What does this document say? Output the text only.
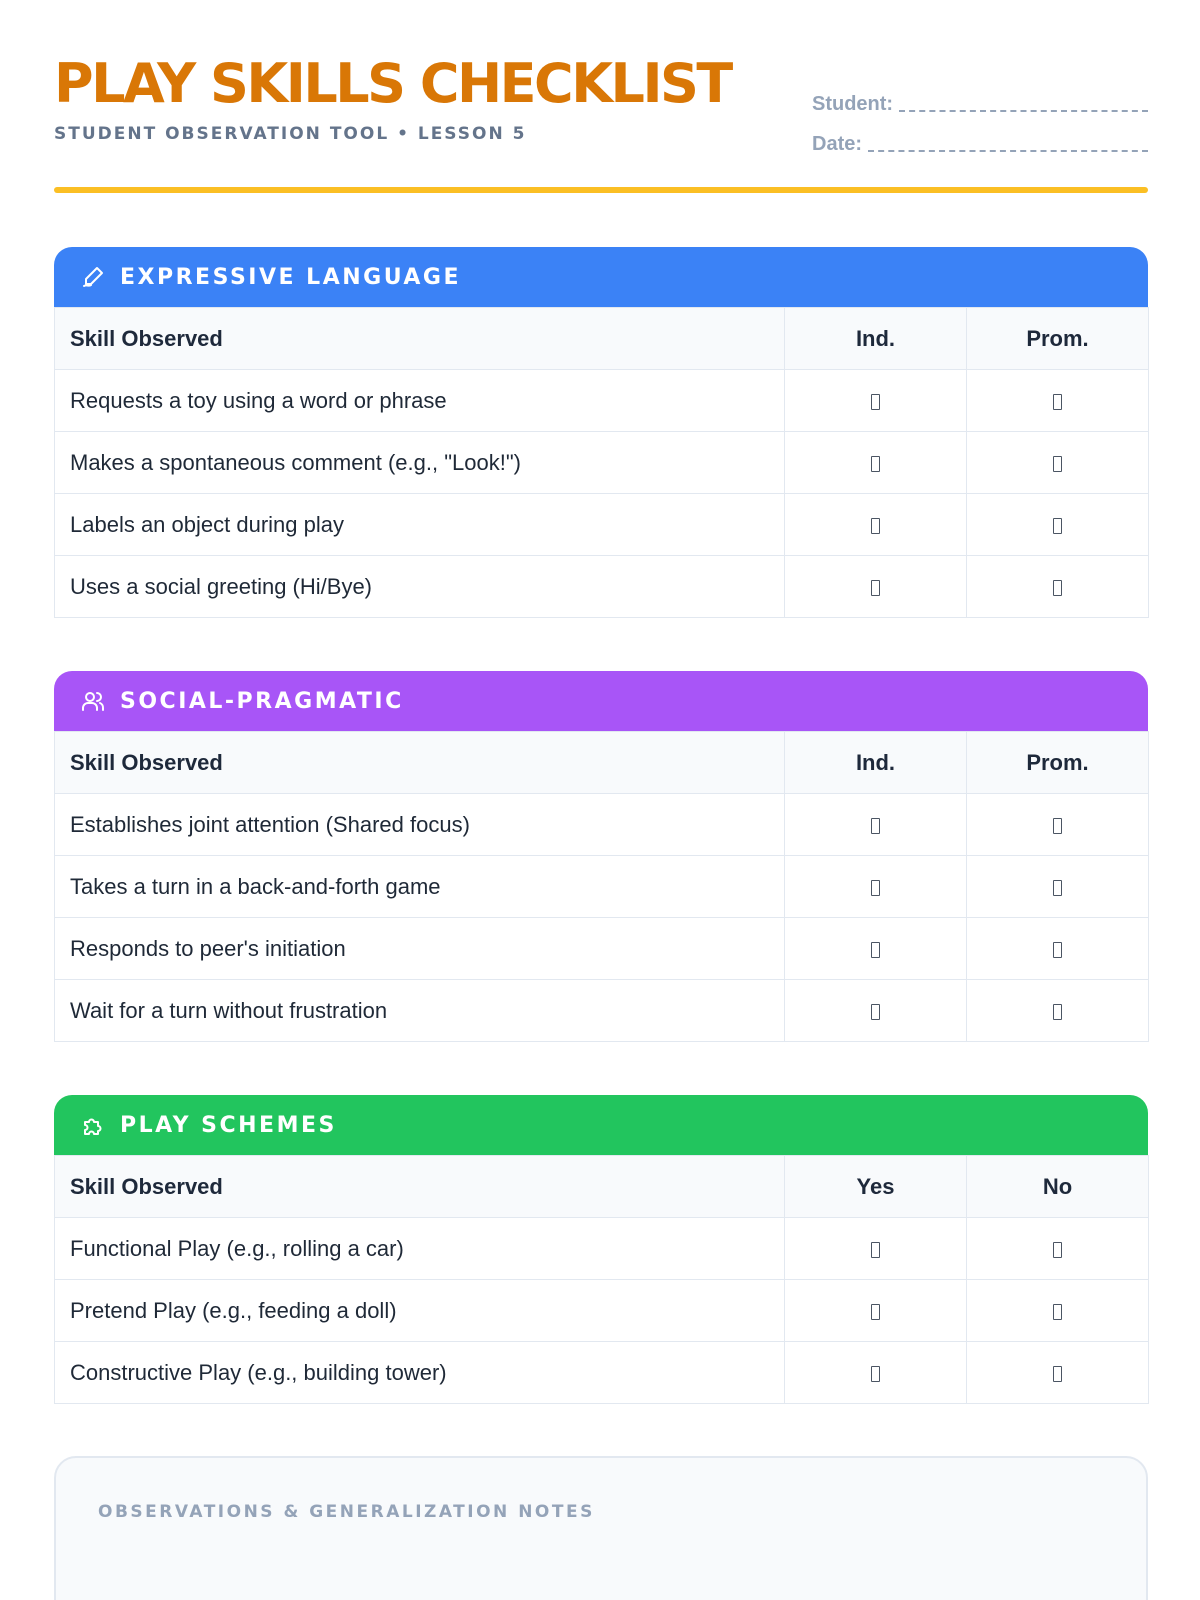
PLAY SKILLS CHECKLIST
STUDENT OBSERVATION TOOL • LESSON 5
Student:
Date:
EXPRESSIVE LANGUAGE
Skill Observed	Ind.	Prom.
Requests a toy using a word or phrase		
Makes a spontaneous comment (e.g., "Look!")		
Labels an object during play		
Uses a social greeting (Hi/Bye)		
SOCIAL-PRAGMATIC
Skill Observed	Ind.	Prom.
Establishes joint attention (Shared focus)		
Takes a turn in a back-and-forth game		
Responds to peer's initiation		
Wait for a turn without frustration		
PLAY SCHEMES
Skill Observed	Yes	No
Functional Play (e.g., rolling a car)		
Pretend Play (e.g., feeding a doll)		
Constructive Play (e.g., building tower)		
OBSERVATIONS & GENERALIZATION NOTES
